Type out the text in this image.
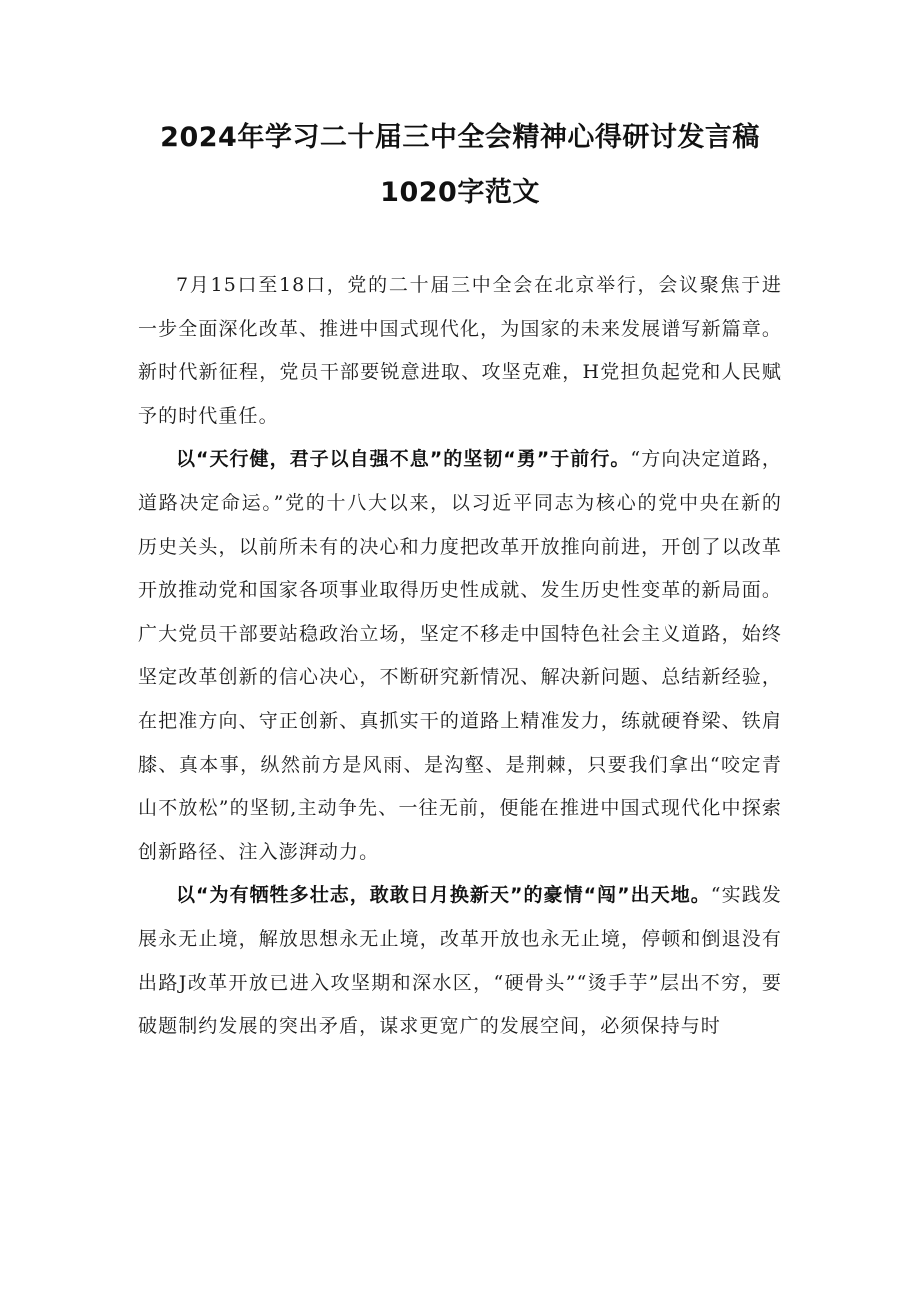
2024年学习二十届三中全会精神心得研讨发言稿
1020字范文

7月15口至18口，党的二十届三中全会在北京举行，会议聚焦于进一步全面深化改革、推进中国式现代化，为国家的未来发展谱写新篇章。新时代新征程，党员干部要锐意进取、攻坚克难，H党担负起党和人民赋予的时代重任。

以“天行健，君子以自强不息”的坚韧“勇”于前行。“方向决定道路，道路决定命运。”党的十八大以来，以习近平同志为核心的党中央在新的历史关头，以前所未有的决心和力度把改革开放推向前进，开创了以改革开放推动党和国家各项事业取得历史性成就、发生历史性变革的新局面。广大党员干部要站稳政治立场，坚定不移走中国特色社会主义道路，始终坚定改革创新的信心决心，不断研究新情况、解决新问题、总结新经验，在把准方向、守正创新、真抓实干的道路上精准发力，练就硬脊梁、铁肩膝、真本事，纵然前方是风雨、是沟壑、是荆棘，只要我们拿出“咬定青山不放松”的坚韧,主动争先、一往无前，便能在推进中国式现代化中探索创新路径、注入澎湃动力。

以“为有牺牲多壮志，敢敢日月换新天”的豪情“闯”出天地。“实践发展永无止境，解放思想永无止境，改革开放也永无止境，停顿和倒退没有出路J改革开放已进入攻坚期和深水区，“硬骨头”“烫手芋”层出不穷，要破题制约发展的突出矛盾，谋求更宽广的发展空间，必须保持与时
